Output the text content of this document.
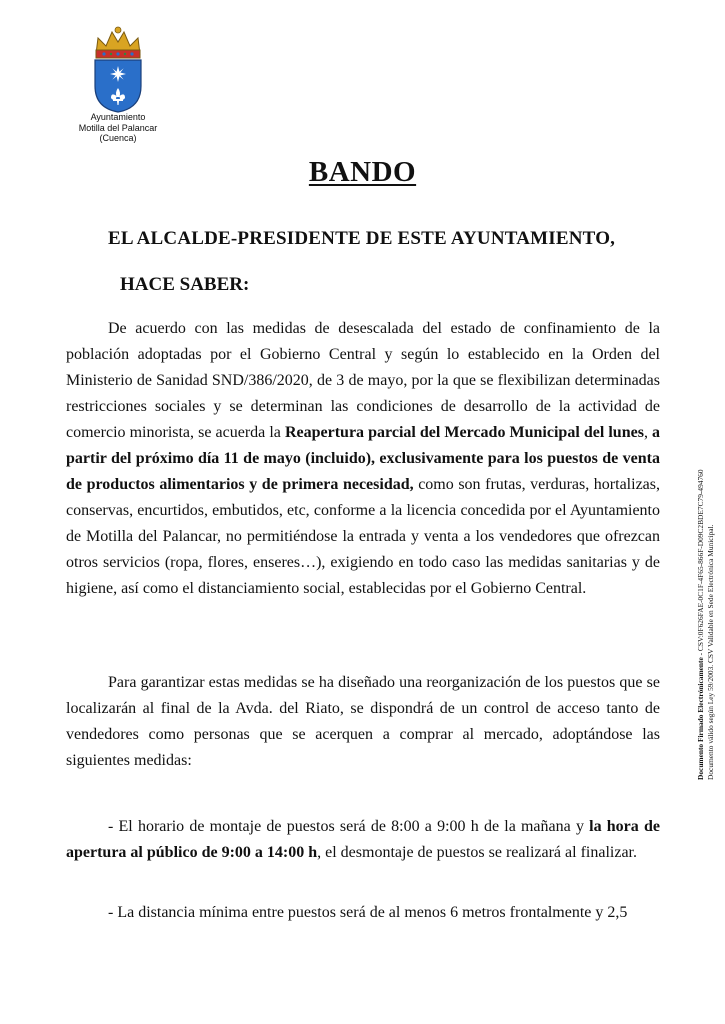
Ayuntamiento
Motilla del Palancar
(Cuenca)
BANDO
EL ALCALDE-PRESIDENTE DE ESTE AYUNTAMIENTO,
HACE SABER:
De acuerdo con las medidas de desescalada del estado de confinamiento de la población adoptadas por el Gobierno Central y según lo establecido en la Orden del Ministerio de Sanidad SND/386/2020, de 3 de mayo, por la que se flexibilizan determinadas restricciones sociales y se determinan las condiciones de desarrollo de la actividad de comercio minorista, se acuerda la Reapertura parcial del Mercado Municipal del lunes, a partir del próximo día 11 de mayo (incluido), exclusivamente para los puestos de venta de productos alimentarios y de primera necesidad, como son frutas, verduras, hortalizas, conservas, encurtidos, embutidos, etc, conforme a la licencia concedida por el Ayuntamiento de Motilla del Palancar, no permitiéndose la entrada y venta a los vendedores que ofrezcan otros servicios (ropa, flores, enseres…), exigiendo en todo caso las medidas sanitarias y de higiene, así como el distanciamiento social, establecidas por el Gobierno Central.
Para garantizar estas medidas se ha diseñado una reorganización de los puestos que se localizarán al final de la Avda. del Riato, se dispondrá de un control de acceso tanto de vendedores como personas que se acerquen a comprar al mercado, adoptándose las siguientes medidas:
- El horario de montaje de puestos será de 8:00 a 9:00 h de la mañana y la hora de apertura al público de 9:00 a 14:00 h, el desmontaje de puestos se realizará al finalizar.
- La distancia mínima entre puestos será de al menos 6 metros frontalmente y 2,5
Documento Firmado Electrónicamente - CSV:0F626FAE-0C1F-4F65-866F-D09C2BDE7C79-494760 Documento válido según Ley 59/2003. CSV Validable en Sede Electrónica Municipal.
